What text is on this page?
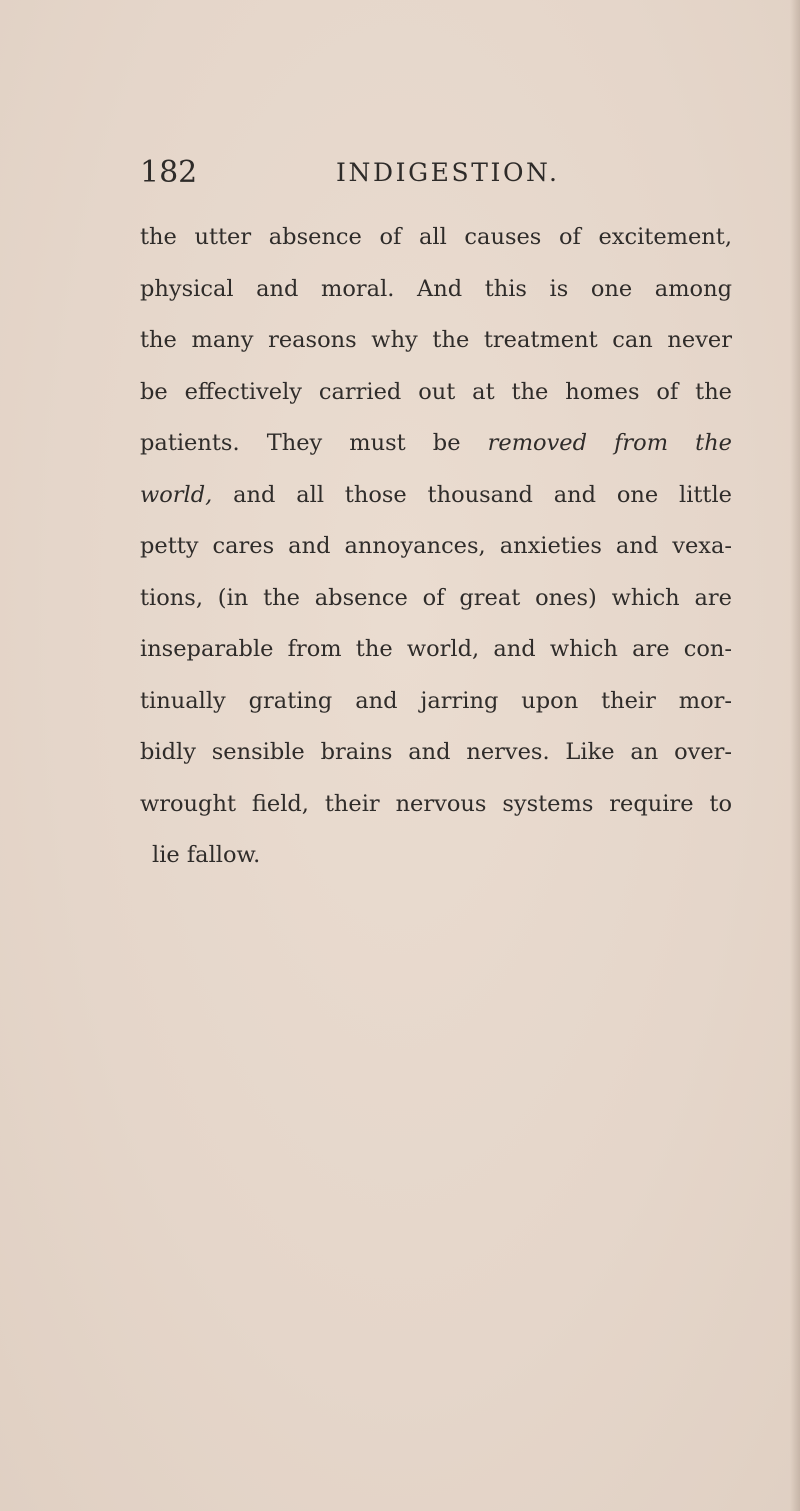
182	INDIGESTION.
the utter absence of all causes of excitement,
physical and moral. And this is one among
the many reasons why the treatment can never
be effectively carried out at the homes of the
patients. They must be removed from the
world, and all those thousand and one little
petty cares and annoyances, anxieties and vexa-
tions, (in the absence of great ones) which are
inseparable from the world, and which are con-
tinually grating and jarring upon their mor-
bidly sensible brains and nerves. Like an over-
wrought field, their nervous systems require to
lie fallow.
